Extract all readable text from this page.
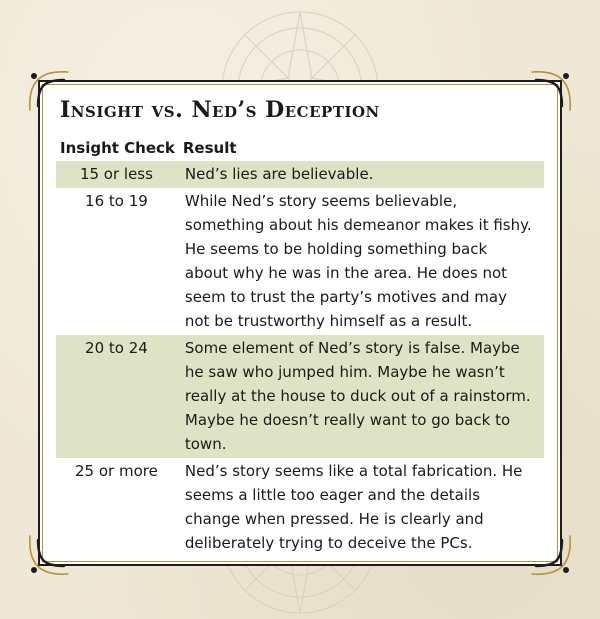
Insight vs. Ned’s Deception
Insight Check	Result
15 or less	Ned’s lies are believable.
16 to 19	While Ned’s story seems believable, something about his demeanor makes it fishy. He seems to be holding something back about why he was in the area. He does not seem to trust the party’s motives and may not be trustworthy himself as a result.
20 to 24	Some element of Ned’s story is false. Maybe he saw who jumped him. Maybe he wasn’t really at the house to duck out of a rainstorm. Maybe he doesn’t really want to go back to town.
25 or more	Ned’s story seems like a total fabrication. He seems a little too eager and the details change when pressed. He is clearly and deliberately trying to deceive the PCs.
